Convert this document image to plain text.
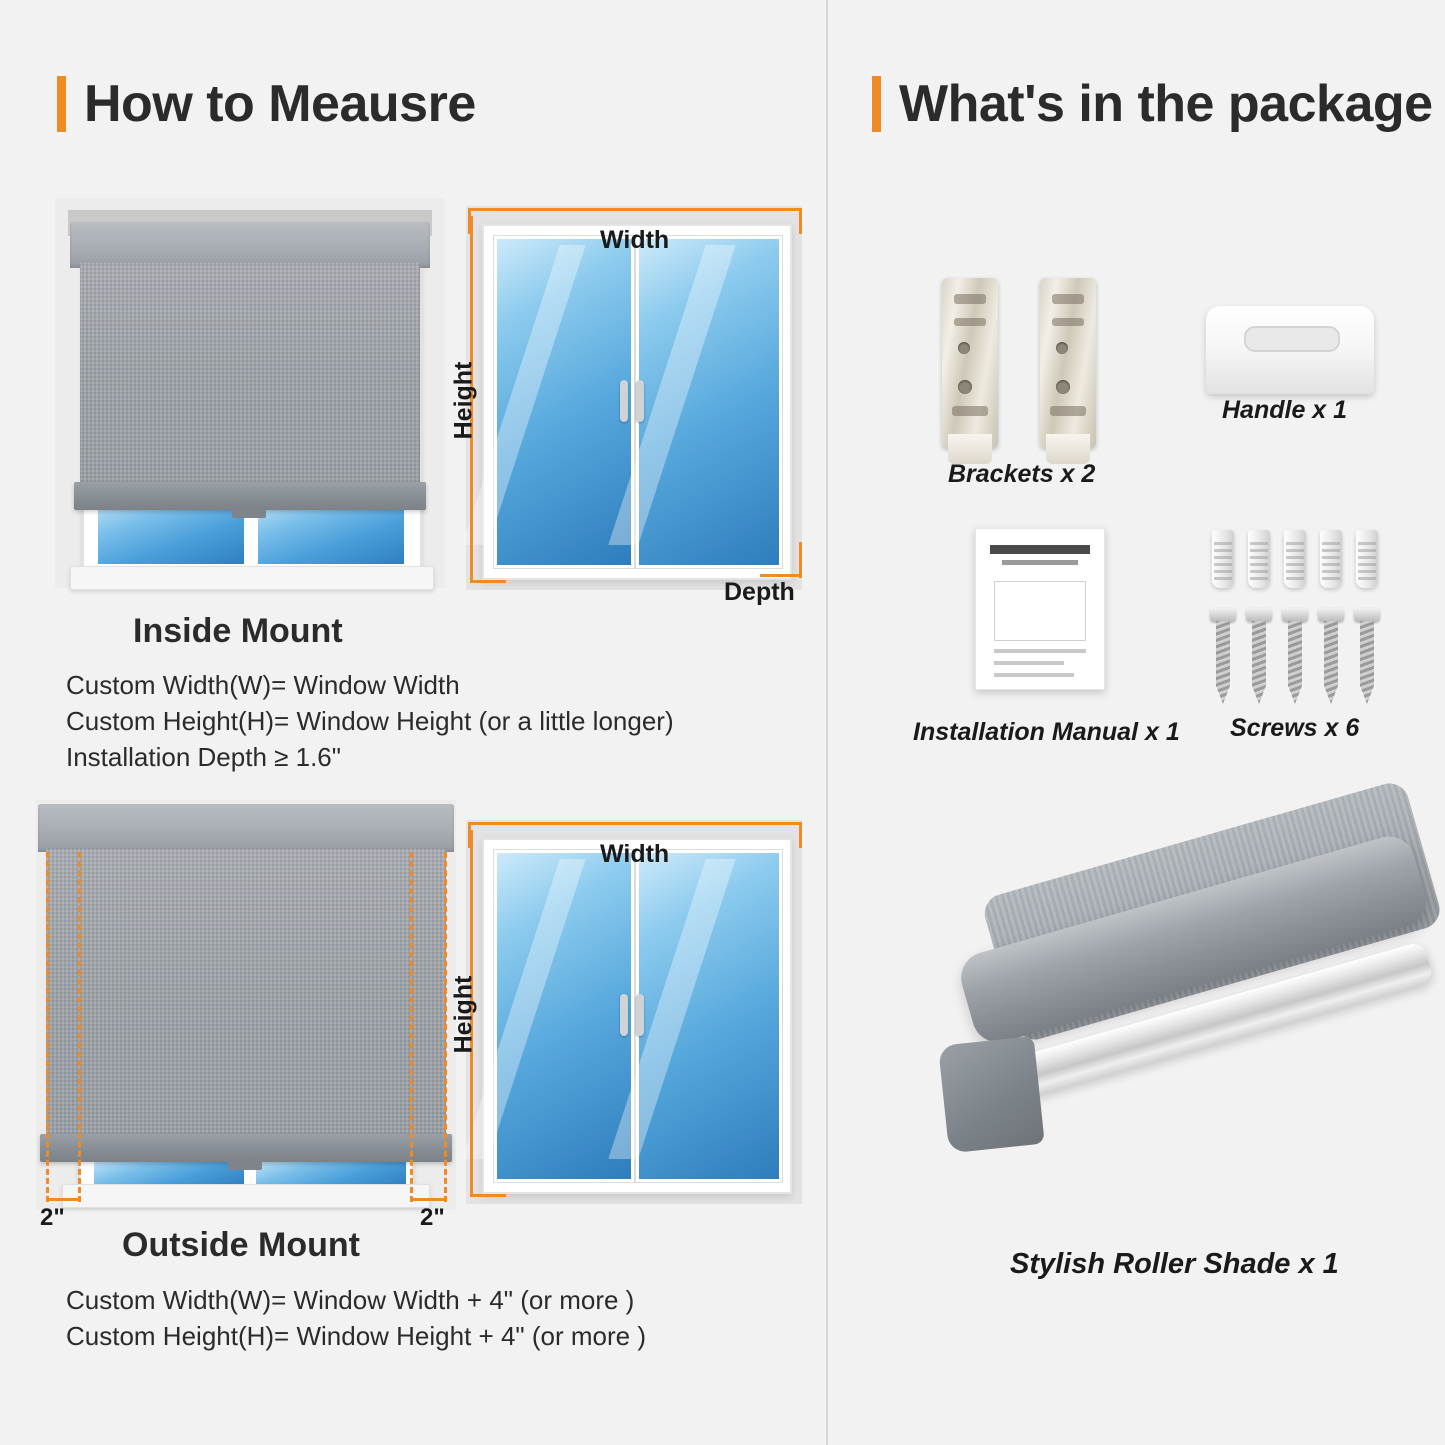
How to Meausre	What's in the package
Width
Height
Depth
Inside Mount
Custom Width(W)= Window Width
Custom Height(H)= Window Height (or a little longer)
Installation Depth ≥ 1.6"
2"	2"
Width
Height
Outside Mount
Custom Width(W)= Window Width + 4" (or more )
Custom Height(H)= Window Height + 4" (or more )
Brackets x 2
Handle x 1
Installation Manual x 1 Screws x 6
Stylish Roller Shade x 1
